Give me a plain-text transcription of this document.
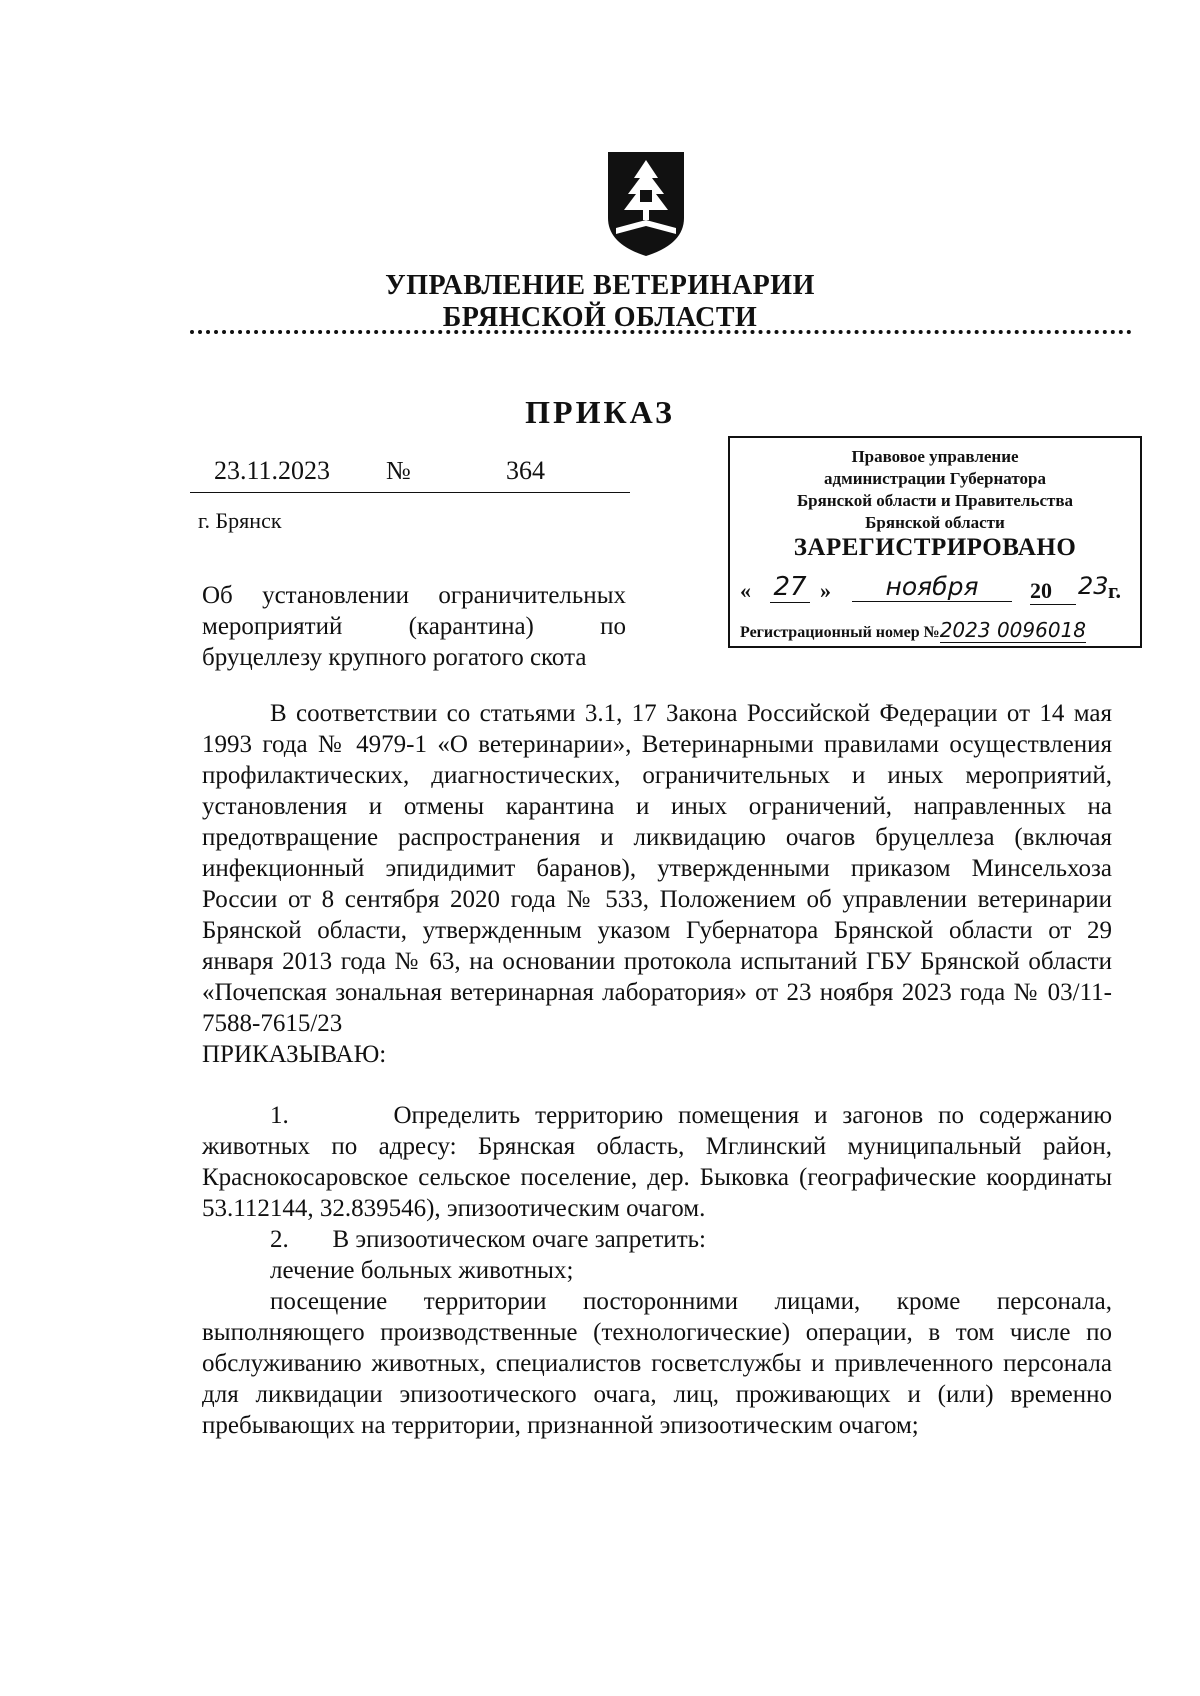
УПРАВЛЕНИЕ ВЕТЕРИНАРИИ
БРЯНСКОЙ ОБЛАСТИ
ПРИКАЗ
23.11.2023 №	364
г. Брянск
Об установлении ограничительных
мероприятий (карантина) по
бруцеллезу крупного рогатого скота
Правовое управление
администрации Губернатора
Брянской области и Правительства
Брянской области
ЗАРЕГИСТРИРОВАНО
« 27 »	ноября	20	23 г.
Регистрационный номер №2023 0096018

В соответствии со статьями 3.1, 17 Закона Российской Федерации от 14 мая 1993 года № 4979-1 «О ветеринарии», Ветеринарными правилами осуществления профилактических, диагностических, ограничительных и иных мероприятий, установления и отмены карантина и иных ограничений, направленных на предотвращение распространения и ликвидацию очагов бруцеллеза (включая инфекционный эпидидимит баранов), утвержденными приказом Минсельхоза России от 8 сентября 2020 года № 533, Положением об управлении ветеринарии Брянской области, утвержденным указом Губернатора Брянской области от 29 января 2013 года № 63, на основании протокола испытаний ГБУ Брянской области «Почепская зональная ветеринарная лаборатория» от 23 ноября 2023 года № 03/11-7588-7615/23

ПРИКАЗЫВАЮ:

1.	Определить территорию помещения и загонов по содержанию животных по адресу: Брянская область, Мглинский муниципальный район, Краснокосаровское сельское поселение, дер. Быковка (географические координаты 53.112144, 32.839546), эпизоотическим очагом.

2. В эпизоотическом очаге запретить:

лечение больных животных;

посещение территории посторонними лицами, кроме персонала, выполняющего производственные (технологические) операции, в том числе по обслуживанию животных, специалистов госветслужбы и привлеченного персонала для ликвидации эпизоотического очага, лиц, проживающих и (или) временно пребывающих на территории, признанной эпизоотическим очагом;
